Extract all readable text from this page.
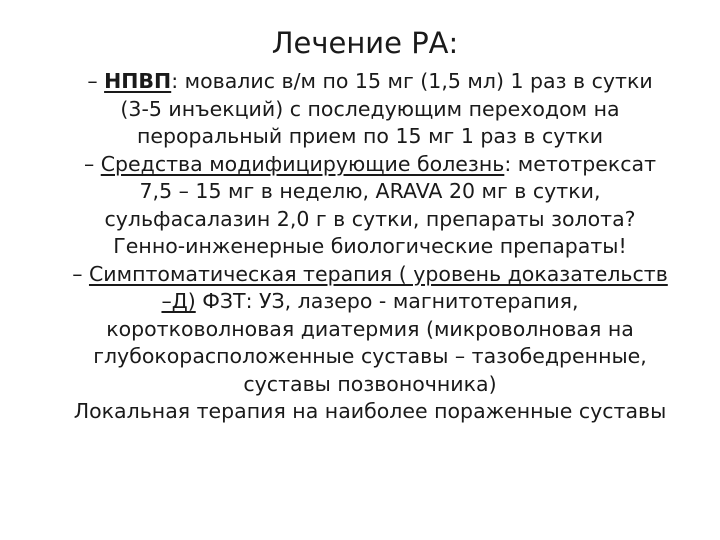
Лечение РА:

– НПВП: мовалис в/м по 15 мг (1,5 мл) 1 раз в сутки (3-5 инъекций) с последующим переходом на пероральный прием по 15 мг 1 раз в сутки

– Средства модифицирующие болезнь: метотрексат 7,5 – 15 мг в неделю, ARAVA 20 мг в сутки, сульфасалазин 2,0 г в сутки, препараты золота?

Генно-инженерные биологические препараты!

– Симптоматическая терапия ( уровень доказательств –Д) ФЗТ: УЗ, лазеро - магнитотерапия, коротковолновая диатермия (микроволновая на глубокорасположенные суставы – тазобедренные, суставы позвоночника)

Локальная терапия на наиболее пораженные суставы
